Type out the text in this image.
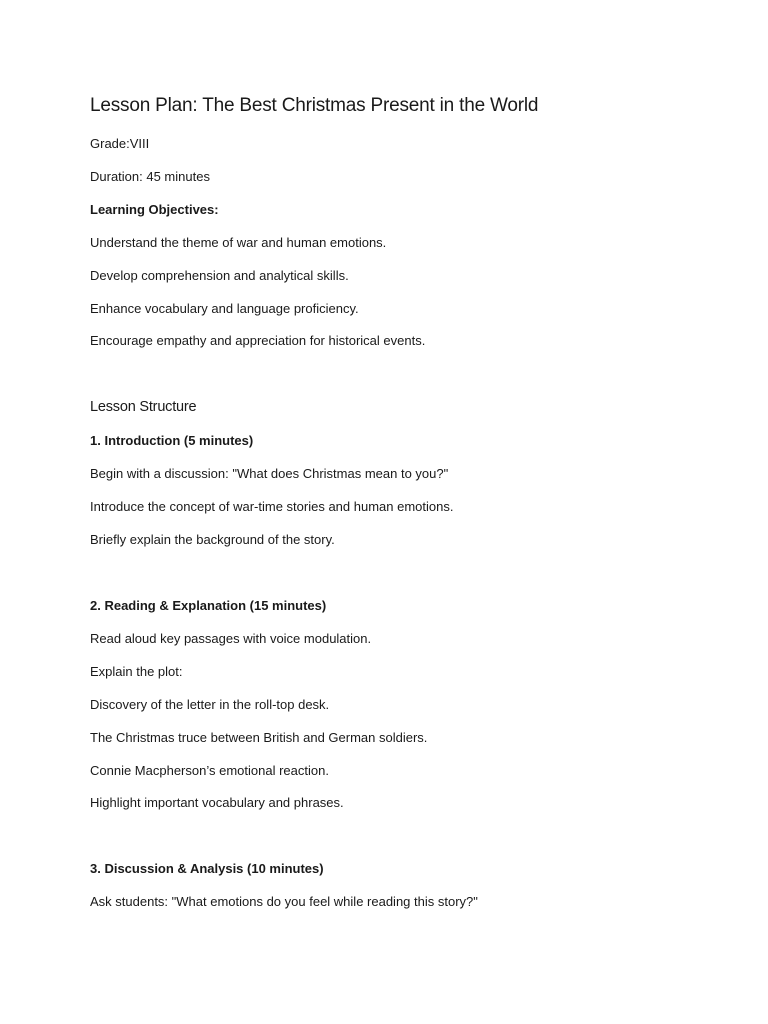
Lesson Plan: The Best Christmas Present in the World

Grade:VIII

Duration: 45 minutes

Learning Objectives:

Understand the theme of war and human emotions.

Develop comprehension and analytical skills.

Enhance vocabulary and language proficiency.

Encourage empathy and appreciation for historical events.

Lesson Structure

1. Introduction (5 minutes)

Begin with a discussion: "What does Christmas mean to you?"

Introduce the concept of war-time stories and human emotions.

Briefly explain the background of the story.

2. Reading & Explanation (15 minutes)

Read aloud key passages with voice modulation.

Explain the plot:

Discovery of the letter in the roll-top desk.

The Christmas truce between British and German soldiers.

Connie Macpherson’s emotional reaction.

Highlight important vocabulary and phrases.

3. Discussion & Analysis (10 minutes)

Ask students: "What emotions do you feel while reading this story?"
